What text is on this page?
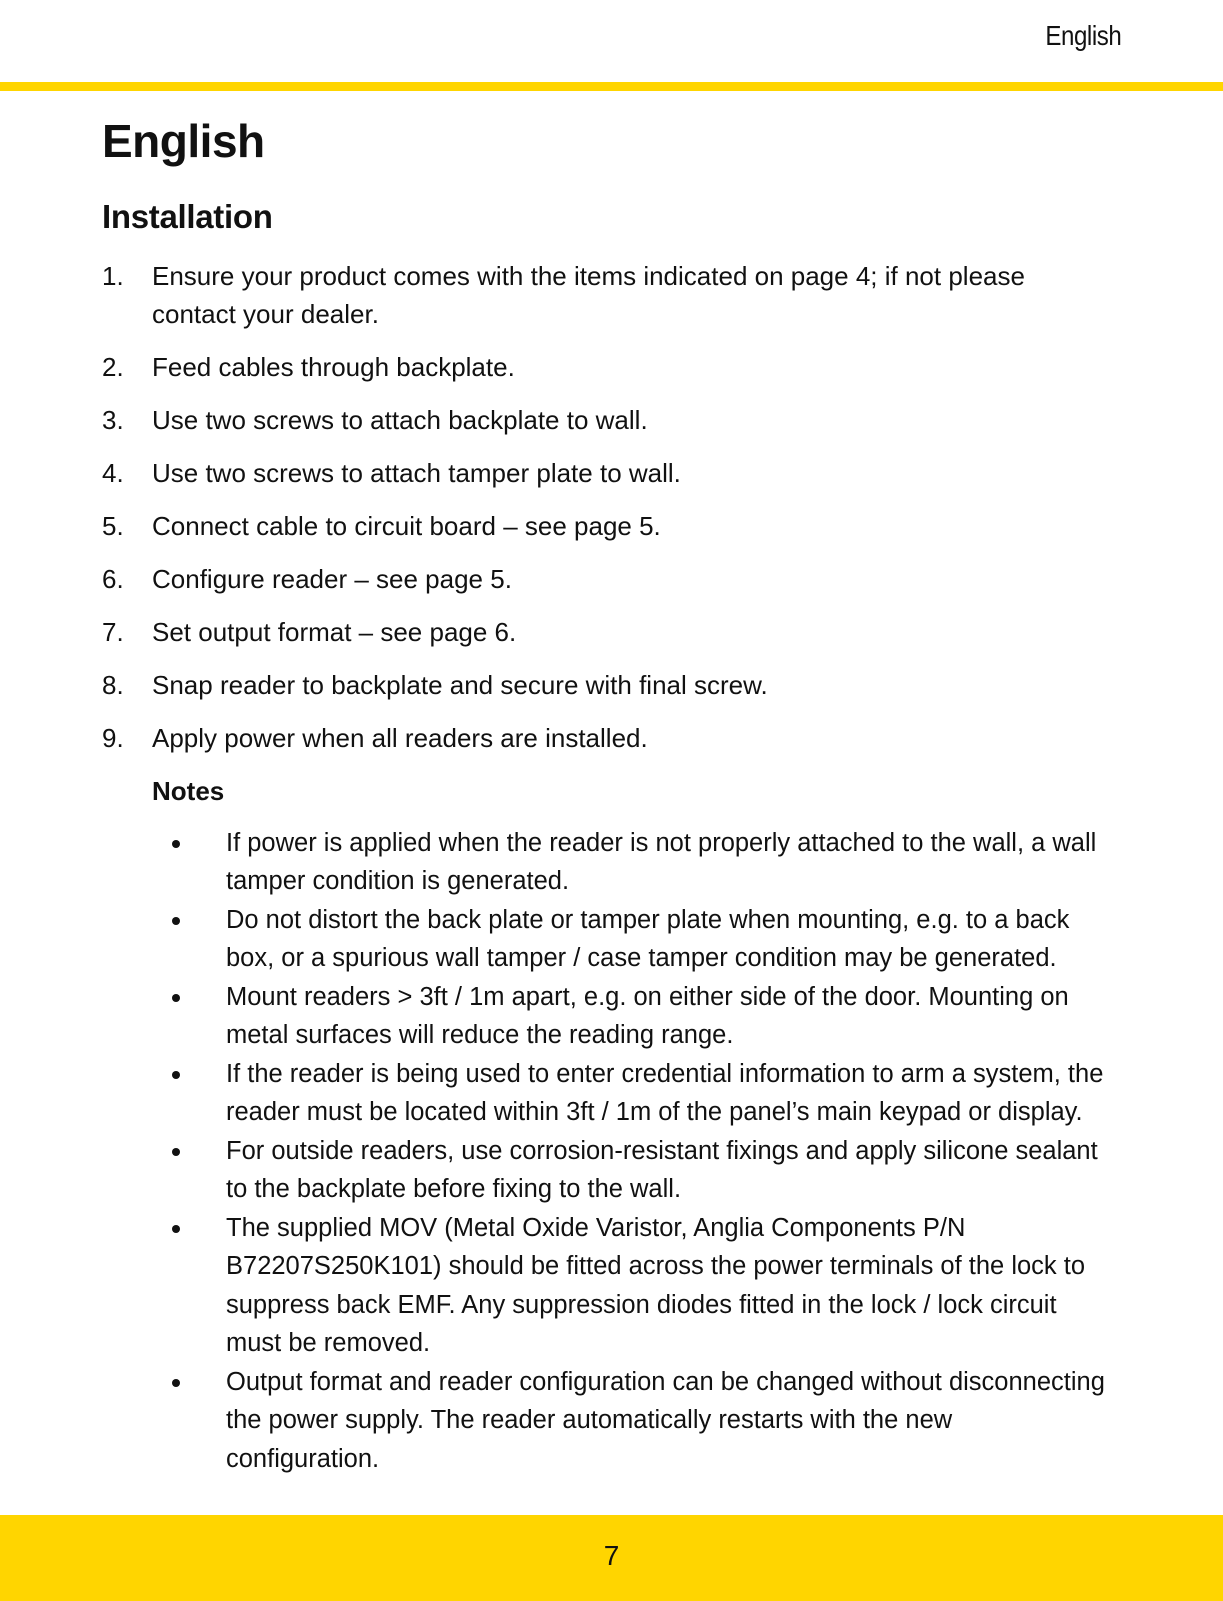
English
English
Installation
1.	Ensure your product comes with the items indicated on page 4; if not please contact your dealer.
2.	Feed cables through backplate.
3.	Use two screws to attach backplate to wall.
4.	Use two screws to attach tamper plate to wall.
5.	Connect cable to circuit board – see page 5.
6.	Configure reader – see page 5.
7.	Set output format – see page 6.
8.	Snap reader to backplate and secure with final screw.
9.	Apply power when all readers are installed.
Notes
If power is applied when the reader is not properly attached to the wall, a wall tamper condition is generated.
Do not distort the back plate or tamper plate when mounting, e.g. to a back box, or a spurious wall tamper / case tamper condition may be generated.
Mount readers > 3ft / 1m apart, e.g. on either side of the door. Mounting on metal surfaces will reduce the reading range.
If the reader is being used to enter credential information to arm a system, the reader must be located within 3ft / 1m of the panel’s main keypad or display.
For outside readers, use corrosion-resistant fixings and apply silicone sealant to the backplate before fixing to the wall.
The supplied MOV (Metal Oxide Varistor, Anglia Components P/N B72207S250K101) should be fitted across the power terminals of the lock to suppress back EMF. Any suppression diodes fitted in the lock / lock circuit must be removed.
Output format and reader configuration can be changed without disconnecting the power supply. The reader automatically restarts with the new configuration.
7
